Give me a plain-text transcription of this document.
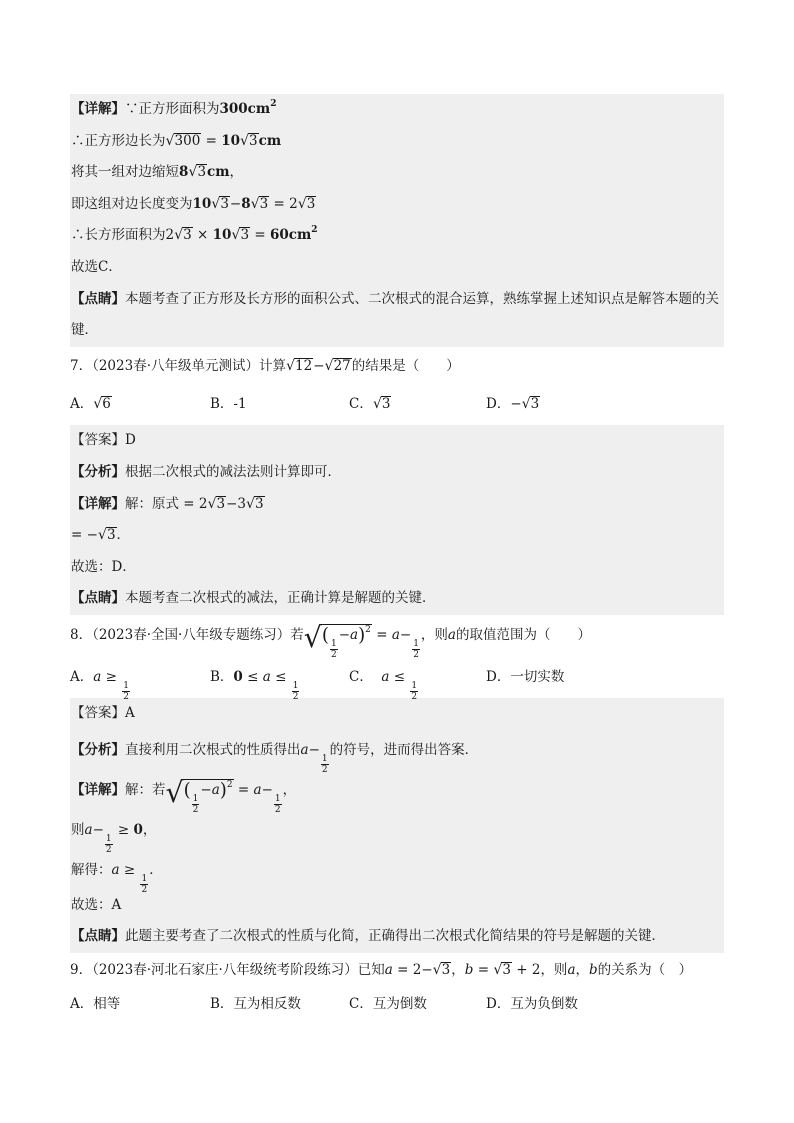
【详解】∵正方形面积为$300cm^2$
∴正方形边长为√300 = 10√3cm
将其一组对边缩短8√3cm，
即这组对边长度变为10√3−8√3 = 2√3
∴长方形面积为$2√3 \times 10√3 = 60cm^2$
故选C．
【点睛】本题考查了正方形及长方形的面积公式、二次根式的混合运算，熟练掌握上述知识点是解答本题的关键．
7．（2023春·八年级单元测试）计算√12−√27的结果是（　　）
A．√6	B．-1	C．√3	D．−√3
【答案】D
【分析】根据二次根式的减法法则计算即可．
【详解】解：原式 = 2√3−3√3
= −√3．
故选：D．
【点睛】本题考查二次根式的减法，正确计算是解题的关键．
8．（2023春·全国·八年级专题练习）若√(
$\frac{1}{2}$
−a)$^2$ = a−
$\frac{1}{2}$
，则a的取值范围为（　　）
A．a ≥
$\frac{1}{2}$
B．0 ≤ a ≤
$\frac{1}{2}$
C．  a ≤
$\frac{1}{2}$
D．一切实数
【答案】A
【分析】直接利用二次根式的性质得出a−
$\frac{1}{2}$
的符号，进而得出答案．
【详解】解：若√(
$\frac{1}{2}$
−a)$^2$ = a−
$\frac{1}{2}$
，
则a−
$\frac{1}{2}$
≥ 0，
解得：a ≥
$\frac{1}{2}$
．
故选：A
【点睛】此题主要考查了二次根式的性质与化简，正确得出二次根式化简结果的符号是解题的关键．
9．（2023春·河北石家庄·八年级统考阶段练习）已知a = 2−√3，b = √3 + 2，则a，b的关系为（　）
A．相等	B．互为相反数	C．互为倒数	D．互为负倒数
